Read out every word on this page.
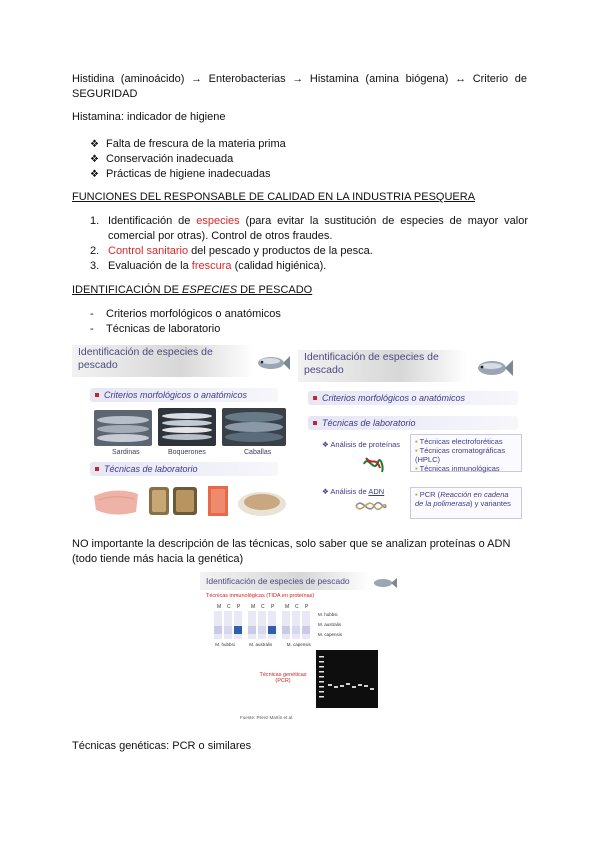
Histidina (aminoácido) → Enterobacterias → Histamina (amina biógena) ↔ Criterio de
SEGURIDAD
Histamina: indicador de higiene
❖ Falta de frescura de la materia prima
❖ Conservación inadecuada
❖ Prácticas de higiene inadecuadas
FUNCIONES DEL RESPONSABLE DE CALIDAD EN LA INDUSTRIA PESQUERA
1. Identificación de especies (para evitar la sustitución de especies de mayor valor
comercial por otras). Control de otros fraudes.
2. Control sanitario del pescado y productos de la pesca.
3. Evaluación de la frescura (calidad higiénica).
IDENTIFICACIÓN DE ESPECIES DE PESCADO
- Criterios morfológicos o anatómicos
- Técnicas de laboratorio
Identificación de especies de pescado
Criterios morfológicos o anatómicos
Sardinas	Boquerones	Caballas
Técnicas de laboratorio
Identificación de especies de pescado
Criterios morfológicos o anatómicos
Técnicas de laboratorio
❖ Análisis de proteínas ▪ Técnicas electroforéticas
▪ Técnicas cromatográficas (HPLC)
▪ Técnicas inmunológicas
❖ Análisis de ADN	▪ PCR (Reacción en cadena de la polimerasa) y variantes
NO importante la descripción de las técnicas, solo saber que se analizan proteínas o ADN (todo tiende más hacia la genética)
Identificación de especies de pescado
Técnicas inmunológicas (TIDA en proteínas)
M C P M C P M C P
M. hubbsi	M. australis	M. capensis
M. hubbsi
M. australis
M. capensis
Técnicas genéticas (PCR)
Fuente: Pérez Martín et al.
Técnicas genéticas: PCR o similares
